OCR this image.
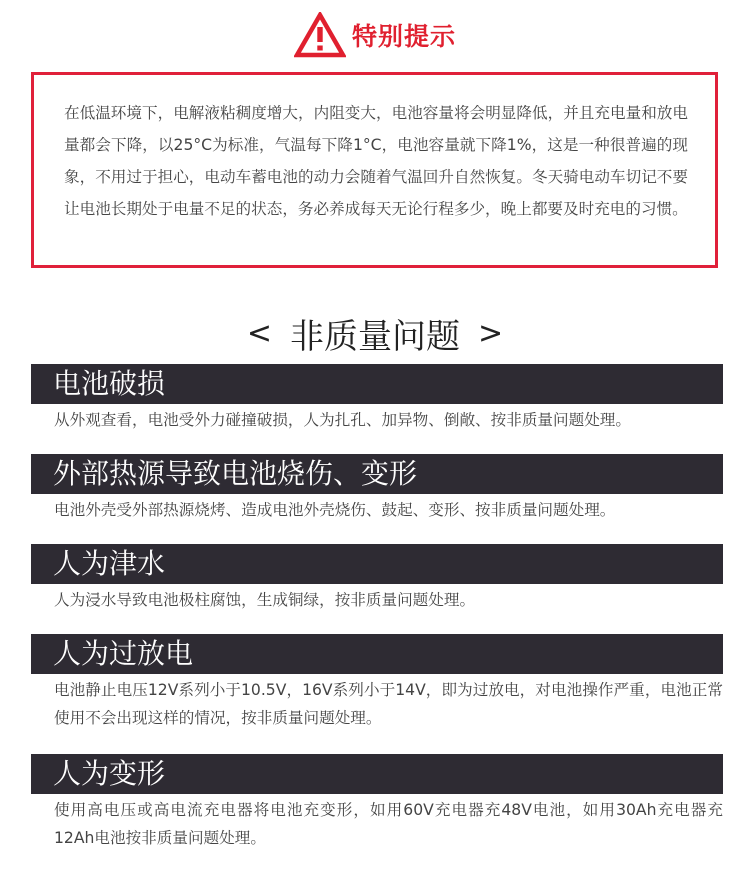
特别提示

在低温环境下，电解液粘稠度增大，内阻变大，电池容量将会明显降低，并且充电量和放电量都会下降，以25°C为标准，气温每下降1°C，电池容量就下降1%，这是一种很普遍的现象，不用过于担心，电动车蓄电池的动力会随着气温回升自然恢复。冬天骑电动车切记不要让电池长期处于电量不足的状态，务必养成每天无论行程多少，晚上都要及时充电的习惯。

< 非质量问题 >
电池破损

从外观查看，电池受外力碰撞破损，人为扎孔、加异物、倒敞、按非质量问题处理。

外部热源导致电池烧伤、变形

电池外壳受外部热源烧烤、造成电池外壳烧伤、鼓起、变形、按非质量问题处理。

人为津水

人为浸水导致电池极柱腐蚀，生成铜绿，按非质量问题处理。

人为过放电

电池静止电压12V系列小于10.5V，16V系列小于14V，即为过放电，对电池操作严重，电池正常使用不会出现这样的情况，按非质量问题处理。

人为变形

使用高电压或高电流充电器将电池充变形，如用60V充电器充48V电池，如用30Ah充电器充12Ah电池按非质量问题处理。
